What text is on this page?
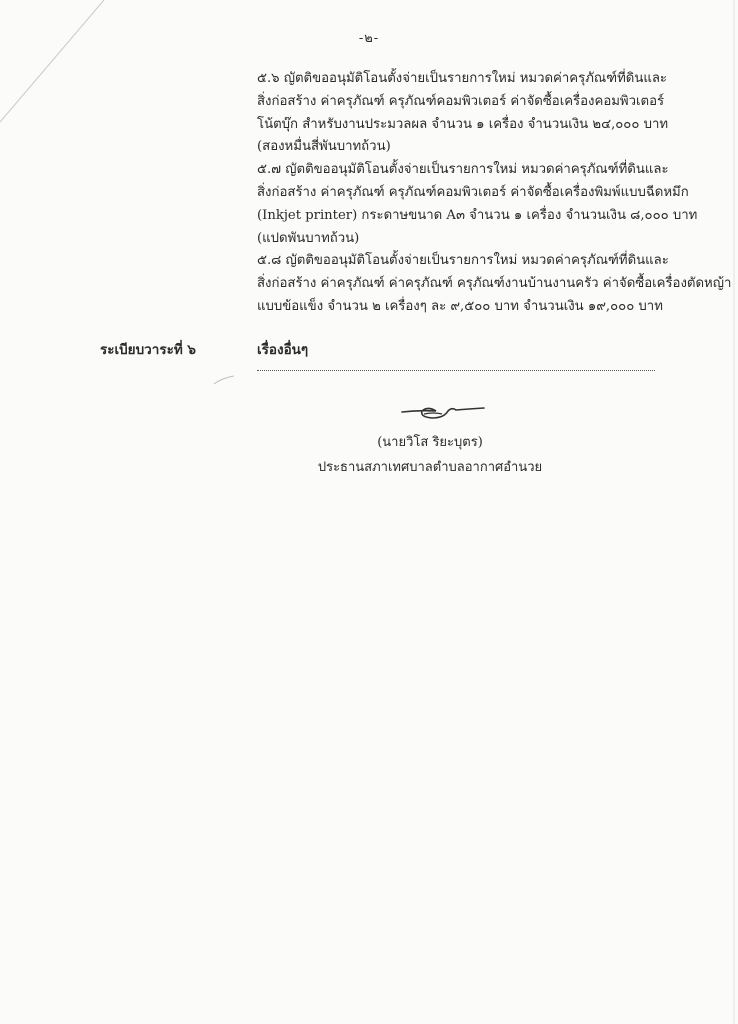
-๒-
๕.๖ ญัตติขออนุมัติโอนตั้งจ่ายเป็นรายการใหม่ หมวดค่าครุภัณฑ์ที่ดินและ
สิ่งก่อสร้าง ค่าครุภัณฑ์ ครุภัณฑ์คอมพิวเตอร์ ค่าจัดซื้อเครื่องคอมพิวเตอร์
โน้ตบุ๊ก สำหรับงานประมวลผล จำนวน ๑ เครื่อง จำนวนเงิน ๒๔,๐๐๐ บาท
(สองหมื่นสี่พันบาทถ้วน)
๕.๗ ญัตติขออนุมัติโอนตั้งจ่ายเป็นรายการใหม่ หมวดค่าครุภัณฑ์ที่ดินและ
สิ่งก่อสร้าง ค่าครุภัณฑ์ ครุภัณฑ์คอมพิวเตอร์ ค่าจัดซื้อเครื่องพิมพ์แบบฉีดหมึก
(Inkjet printer) กระดาษขนาด A๓ จำนวน ๑ เครื่อง จำนวนเงิน ๘,๐๐๐ บาท
(แปดพันบาทถ้วน)
๕.๘ ญัตติขออนุมัติโอนตั้งจ่ายเป็นรายการใหม่ หมวดค่าครุภัณฑ์ที่ดินและ
สิ่งก่อสร้าง ค่าครุภัณฑ์ ค่าครุภัณฑ์ ครุภัณฑ์งานบ้านงานครัว ค่าจัดซื้อเครื่องตัดหญ้า
แบบข้อแข็ง จำนวน ๒ เครื่องๆ ละ ๙,๕๐๐ บาท จำนวนเงิน ๑๙,๐๐๐ บาท
ระเบียบวาระที่ ๖	เรื่องอื่นๆ
(นายวิโส ริยะบุตร)
ประธานสภาเทศบาลตำบลอากาศอำนวย
